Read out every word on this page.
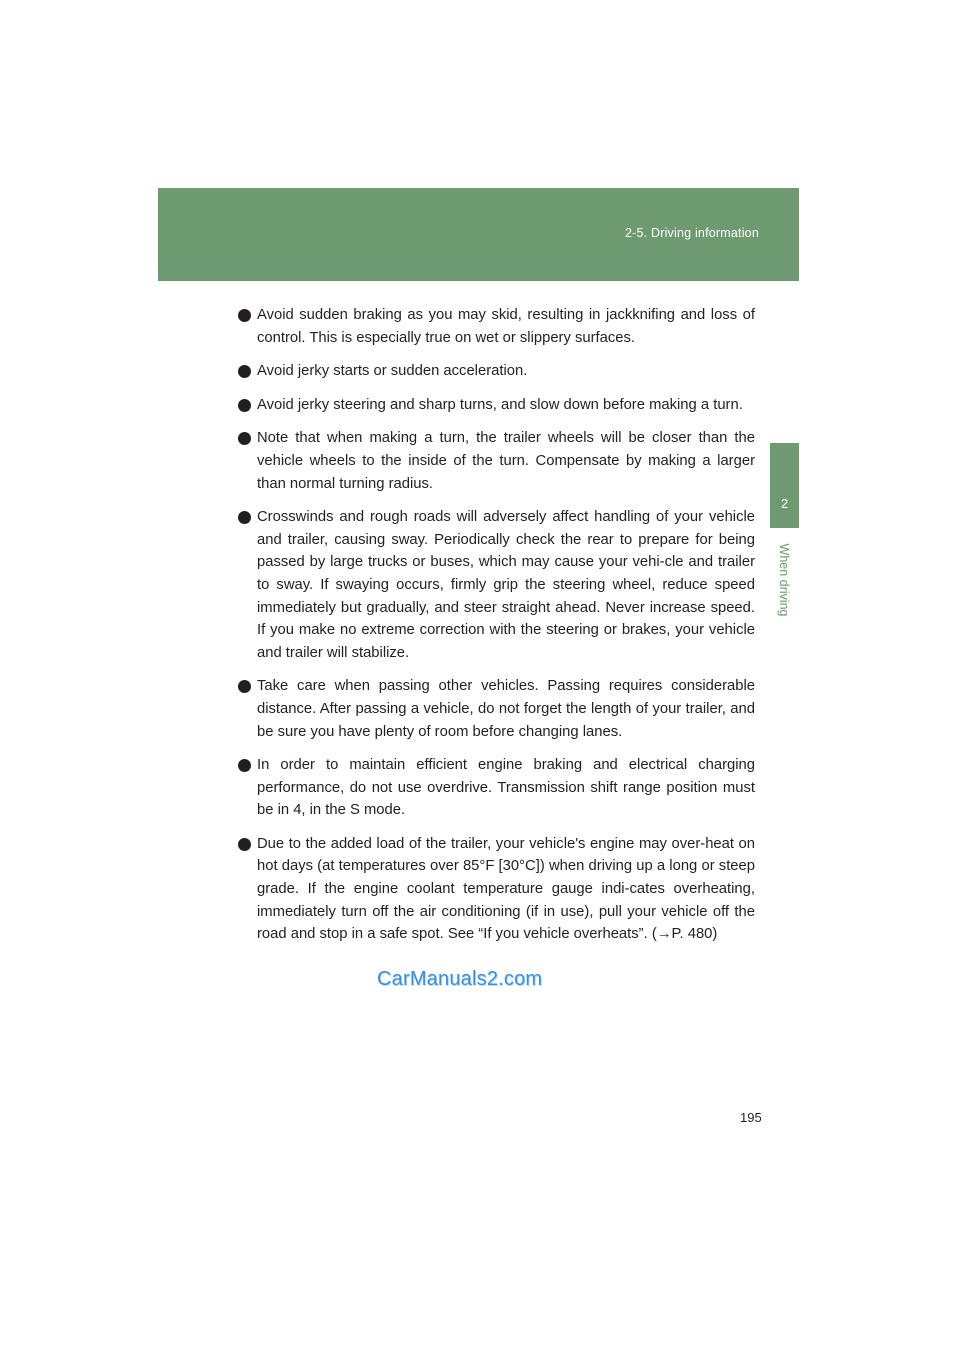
2-5. Driving information
2
When driving
Avoid sudden braking as you may skid, resulting in jackknifing and loss of control. This is especially true on wet or slippery surfaces.
Avoid jerky starts or sudden acceleration.
Avoid jerky steering and sharp turns, and slow down before making a turn.
Note that when making a turn, the trailer wheels will be closer than the vehicle wheels to the inside of the turn. Compensate by making a larger than normal turning radius.
Crosswinds and rough roads will adversely affect handling of your vehicle and trailer, causing sway. Periodically check the rear to prepare for being passed by large trucks or buses, which may cause your vehi-cle and trailer to sway. If swaying occurs, firmly grip the steering wheel, reduce speed immediately but gradually, and steer straight ahead. Never increase speed. If you make no extreme correction with the steering or brakes, your vehicle and trailer will stabilize.
Take care when passing other vehicles. Passing requires considerable distance. After passing a vehicle, do not forget the length of your trailer, and be sure you have plenty of room before changing lanes.
In order to maintain efficient engine braking and electrical charging performance, do not use overdrive. Transmission shift range position must be in 4, in the S mode.
Due to the added load of the trailer, your vehicle's engine may over-heat on hot days (at temperatures over 85°F [30°C]) when driving up a long or steep grade. If the engine coolant temperature gauge indi-cates overheating, immediately turn off the air conditioning (if in use), pull your vehicle off the road and stop in a safe spot. See “If you vehicle overheats”. (→P. 480)
CarManuals2.com
195
